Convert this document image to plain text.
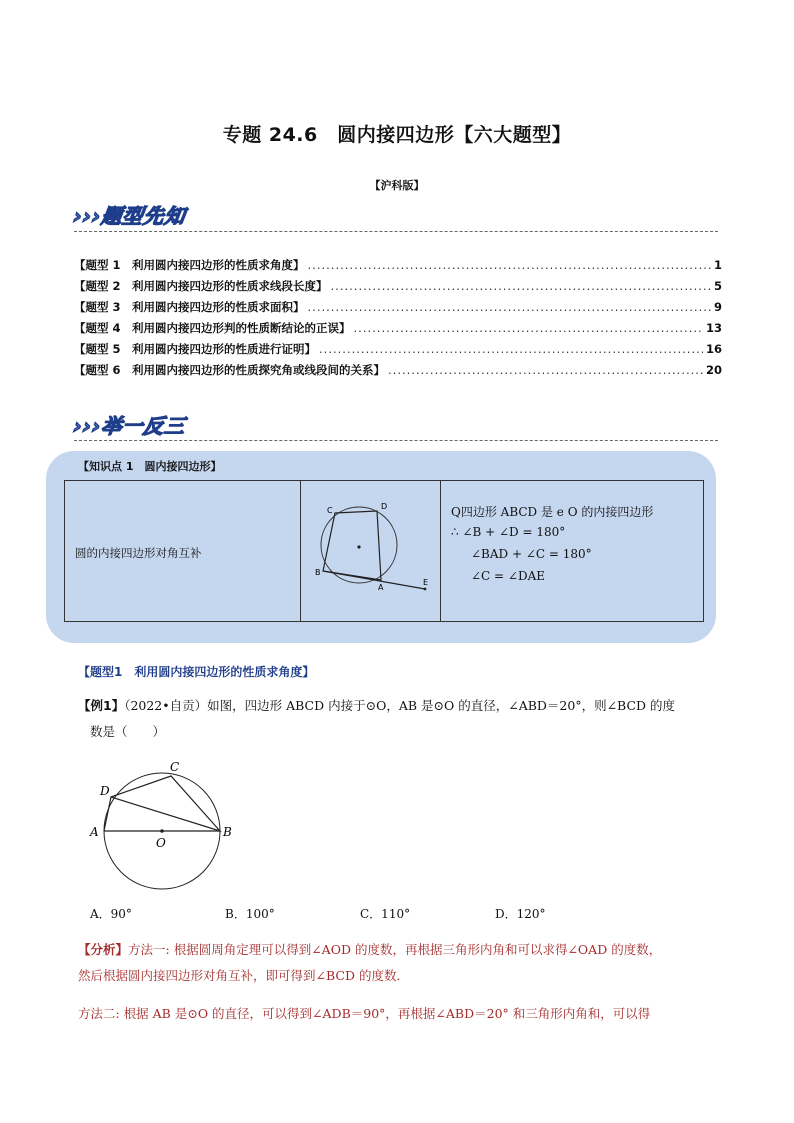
专题 24.6　圆内接四边形【六大题型】
【沪科版】
›››题型先知
【题型 1　利用圆内接四边形的性质求角度】 .....	1
【题型 2　利用圆内接四边形的性质求线段长度】 .....	5
【题型 3　利用圆内接四边形的性质求面积】 .....	9
【题型 4　利用圆内接四边形判的性质断结论的正误】 .....	13
【题型 5　利用圆内接四边形的性质进行证明】 .....	16
【题型 6　利用圆内接四边形的性质探究角或线段间的关系】 .....	20
›››举一反三
【知识点 1　圆内接四边形】
圆的内接四边形对角互补
C	D
B
A
E
Q四边形 ABCD 是 e O 的内接四边形
∴ ∠B + ∠D = 180°
∠BAD + ∠C = 180°
∠C = ∠DAE
【题型1　利用圆内接四边形的性质求角度】
【例1】（2022•自贡）如图，四边形 ABCD 内接于⊙O，AB 是⊙O 的直径，∠ABD＝20°，则∠BCD 的度
数是（　　）
C
D
A	B
O
A．90°	B．100°	C．110°	D．120°
【分析】方法一: 根据圆周角定理可以得到∠AOD 的度数，再根据三角形内角和可以求得∠OAD 的度数，
然后根据圆内接四边形对角互补，即可得到∠BCD 的度数．
方法二: 根据 AB 是⊙O 的直径，可以得到∠ADB＝90°，再根据∠ABD＝20° 和三角形内角和，可以得
